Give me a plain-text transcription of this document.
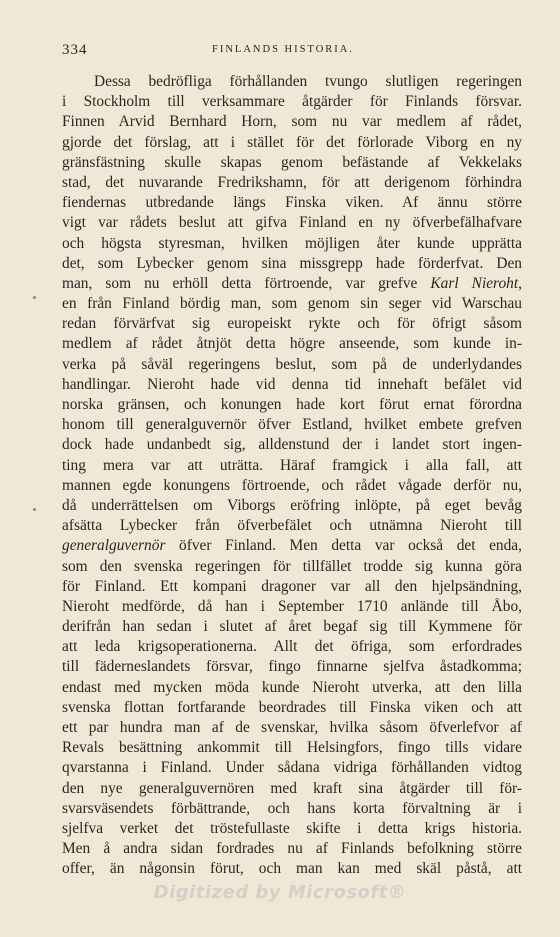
334	FINLANDS HISTORIA.
Dessa bedröfliga förhållanden tvungo slutligen regeringen
i Stockholm till verksammare åtgärder för Finlands försvar.
Finnen Arvid Bernhard Horn, som nu var medlem af rådet,
gjorde det förslag, att i stället för det förlorade Viborg en ny
gränsfästning skulle skapas genom befästande af Vekkelaks
stad, det nuvarande Fredrikshamn, för att derigenom förhindra
fiendernas utbredande längs Finska viken. Af ännu större
vigt var rådets beslut att gifva Finland en ny öfverbefälhafvare
och högsta styresman, hvilken möjligen åter kunde upprätta
det, som Lybecker genom sina missgrepp hade förderfvat. Den
man, som nu erhöll detta förtroende, var grefve Karl Nieroht,
en från Finland bördig man, som genom sin seger vid Warschau
redan förvärfvat sig europeiskt rykte och för öfrigt såsom
medlem af rådet åtnjöt detta högre anseende, som kunde in-
verka på såväl regeringens beslut, som på de underlydandes
handlingar. Nieroht hade vid denna tid innehaft befälet vid
norska gränsen, och konungen hade kort förut ernat förordna
honom till generalguvernör öfver Estland, hvilket embete grefven
dock hade undanbedt sig, alldenstund der i landet stort ingen-
ting mera var att uträtta. Häraf framgick i alla fall, att
mannen egde konungens förtroende, och rådet vågade derför nu,
då underrättelsen om Viborgs eröfring inlöpte, på eget bevåg
afsätta Lybecker från öfverbefälet och utnämna Nieroht till
generalguvernör öfver Finland. Men detta var också det enda,
som den svenska regeringen för tillfället trodde sig kunna göra
för Finland. Ett kompani dragoner var all den hjelpsändning,
Nieroht medförde, då han i September 1710 anlände till Åbo,
derifrån han sedan i slutet af året begaf sig till Kymmene för
att leda krigsoperationerna. Allt det öfriga, som erfordrades
till fäderneslandets försvar, fingo finnarne sjelfva åstadkomma;
endast med mycken möda kunde Nieroht utverka, att den lilla
svenska flottan fortfarande beordrades till Finska viken och att
ett par hundra man af de svenskar, hvilka såsom öfverlefvor af
Revals besättning ankommit till Helsingfors, fingo tills vidare
qvarstanna i Finland. Under sådana vidriga förhållanden vidtog
den nye generalguvernören med kraft sina åtgärder till för-
svarsväsendets förbättrande, och hans korta förvaltning är i
sjelfva verket det tröstefullaste skifte i detta krigs historia.
Men å andra sidan fordrades nu af Finlands befolkning större
offer, än någonsin förut, och man kan med skäl påstå, att
Digitized by Microsoft®
